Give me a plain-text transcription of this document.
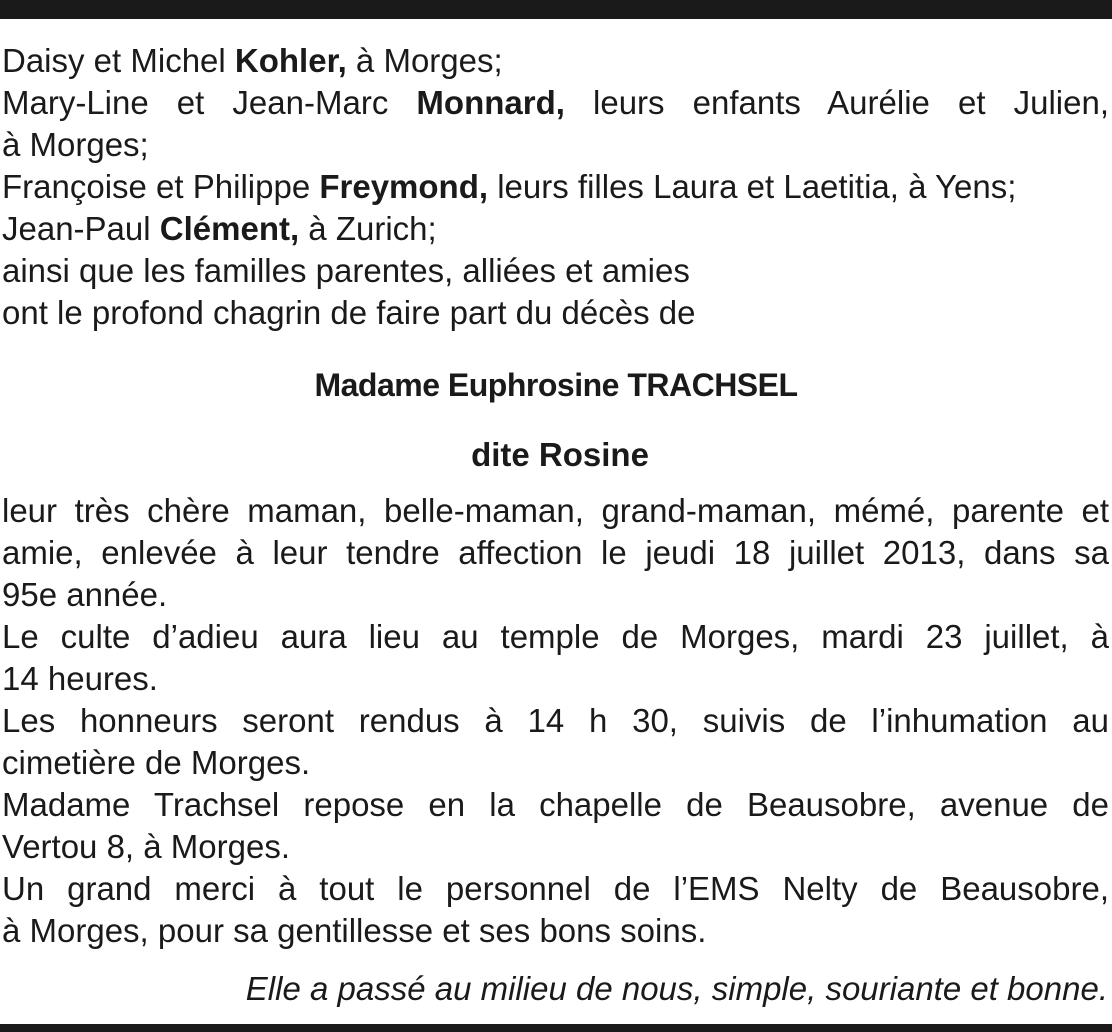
Daisy et Michel Kohler, à Morges;
Mary-Line et Jean-Marc Monnard, leurs enfants Aurélie et Julien,
à Morges;
Françoise et Philippe Freymond, leurs filles Laura et Laetitia, à Yens;
Jean-Paul Clément, à Zurich;
ainsi que les familles parentes, alliées et amies
ont le profond chagrin de faire part du décès de
Madame Euphrosine TRACHSEL
dite Rosine
leur très chère maman, belle-maman, grand-maman, mémé, parente et
amie, enlevée à leur tendre affection le jeudi 18 juillet 2013, dans sa
95e année.
Le culte d’adieu aura lieu au temple de Morges, mardi 23 juillet, à
14 heures.
Les honneurs seront rendus à 14 h 30, suivis de l’inhumation au
cimetière de Morges.
Madame Trachsel repose en la chapelle de Beausobre, avenue de
Vertou 8, à Morges.
Un grand merci à tout le personnel de l’EMS Nelty de Beausobre,
à Morges, pour sa gentillesse et ses bons soins.
Elle a passé au milieu de nous, simple, souriante et bonne.
